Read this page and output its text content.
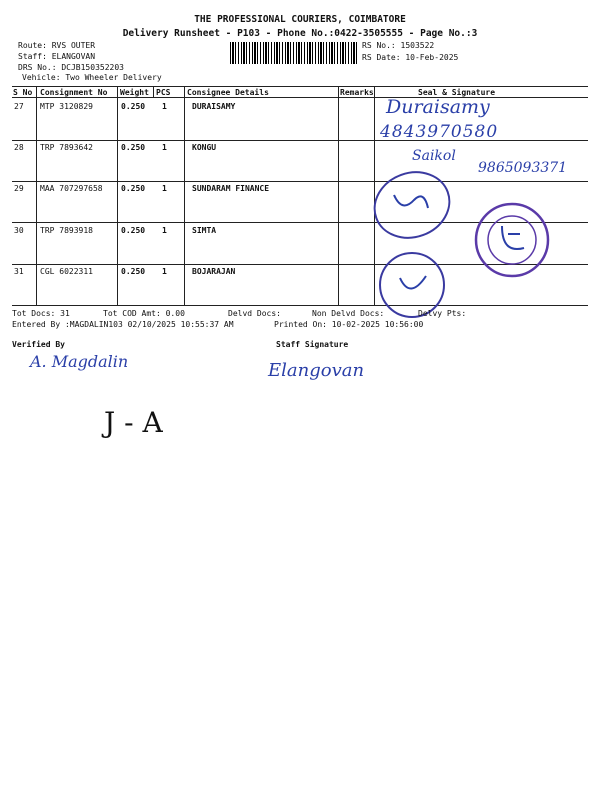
THE PROFESSIONAL COURIERS, COIMBATORE
Delivery Runsheet - P103 - Phone No.:0422-3505555 - Page No.:3
Route: RVS OUTER
Staff: ELANGOVAN
DRS No.: DCJB150352203
Vehicle: Two Wheeler Delivery
RS No.: 1503522
RS Date: 10-Feb-2025
S No Consignment No Weight PCS Consignee Details	Remarks	Seal & Signature
27 MTP 3120829	0.250 1	DURAISAMY
28 TRP 7893642	0.250 1	KONGU
29 MAA 707297658 0.250 1	SUNDARAM FINANCE
30 TRP 7893918	0.250 1	SIMTA
31 CGL 6022311	0.250 1	BOJARAJAN
Duraisamy
4843970580
Saikol
9865093371
Tot Docs: 31	Tot COD Amt: 0.00	Delvd Docs:	Non Delvd Docs:	Delvy Pts:
Entered By :MAGDALIN103 02/10/2025 10:55:37 AM	Printed On: 10-02-2025 10:56:00
Verified By	Staff Signature
A. Magdalin	Elangovan
J - A
